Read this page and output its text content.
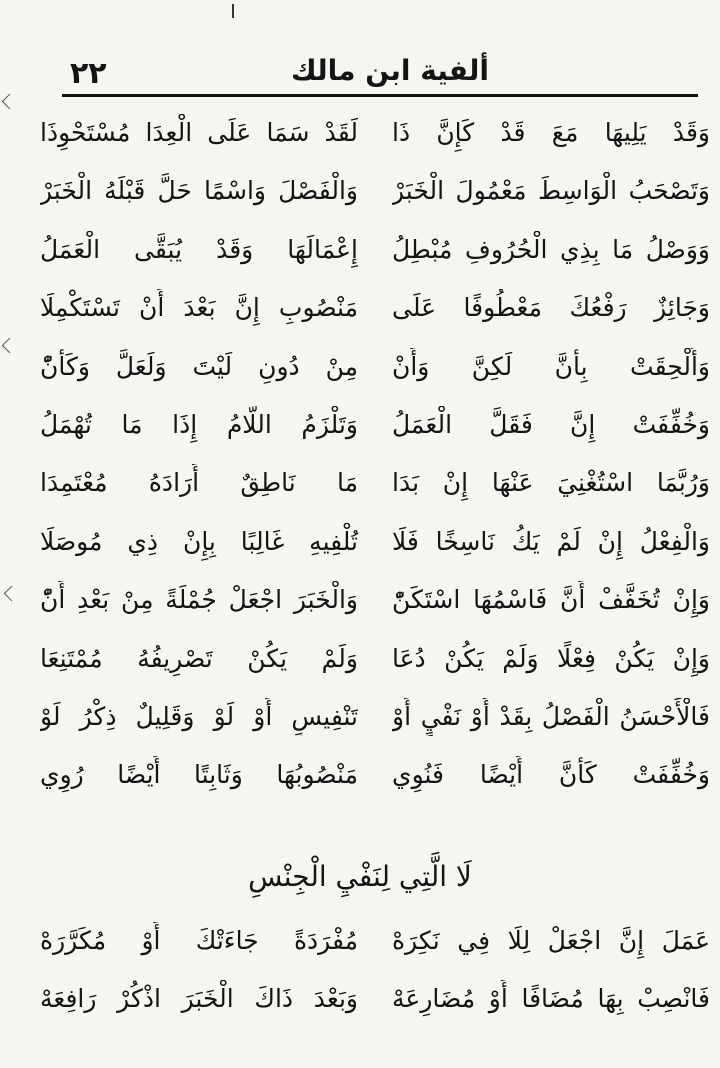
٢٢	ألفية ابن مالك
وَقَدْ يَلِيهَا مَعَ قَدْ كَإِنَّ ذَا
لَقَدْ سَمَا عَلَى الْعِدَا مُسْتَحْوِذَا
وَتَصْحَبُ الْوَاسِطَ مَعْمُولَ الْخَبَرْ
وَالْفَصْلَ وَاسْمًا حَلَّ قَبْلَهُ الْخَبَرْ
وَوَصْلُ مَا بِذِي الْحُرُوفِ مُبْطِلُ
إِعْمَالَهَا وَقَدْ يُبَقَّى الْعَمَلُ
وَجَائِزٌ رَفْعُكَ مَعْطُوفًا عَلَى
مَنْصُوبِ إِنَّ بَعْدَ أَنْ تَسْتَكْمِلَا
وَأُلْحِقَتْ بِأَنَّ لَكِنَّ وَأَنْ
مِنْ دُونِ لَيْتَ وَلَعَلَّ وَكَأَنّْ
وَخُفِّفَتْ إِنَّ فَقَلَّ الْعَمَلُ
وَتَلْزَمُ اللَّامُ إِذَا مَا تُهْمَلُ
وَرُبَّمَا اسْتُغْنِيَ عَنْهَا إِنْ بَدَا
مَا نَاطِقٌ أَرَادَهُ مُعْتَمِدَا
وَالْفِعْلُ إِنْ لَمْ يَكُ نَاسِخًا فَلَا
تُلْفِيهِ غَالِبًا بِإِنْ ذِي مُوصَلَا
وَإِنْ تُخَفَّفْ أَنَّ فَاسْمُهَا اسْتَكَنّْ
وَالْخَبَرَ اجْعَلْ جُمْلَةً مِنْ بَعْدِ أَنّْ
وَإِنْ يَكُنْ فِعْلًا وَلَمْ يَكُنْ دُعَا
وَلَمْ يَكُنْ تَصْرِيفُهُ مُمْتَنِعَا
فَالْأَحْسَنُ الْفَصْلُ بِقَدْ أَوْ نَفْيٍ أَوْ
تَنْفِيسٍ أَوْ لَوْ وَقَلِيلٌ ذِكْرُ لَوْ
وَخُفِّفَتْ كَأَنَّ أَيْضًا فَنُوِي
مَنْصُوبُهَا وَثَابِتًا أَيْضًا رُوِي
لَا الَّتِي لِنَفْيِ الْجِنْسِ
عَمَلَ إِنَّ اجْعَلْ لِلَا فِي نَكِرَهْ
مُفْرَدَةً جَاءَتْكَ أَوْ مُكَرَّرَهْ
فَانْصِبْ بِهَا مُضَافًا أَوْ مُضَارِعَهْ
وَبَعْدَ ذَاكَ الْخَبَرَ اذْكُرْ رَافِعَهْ
